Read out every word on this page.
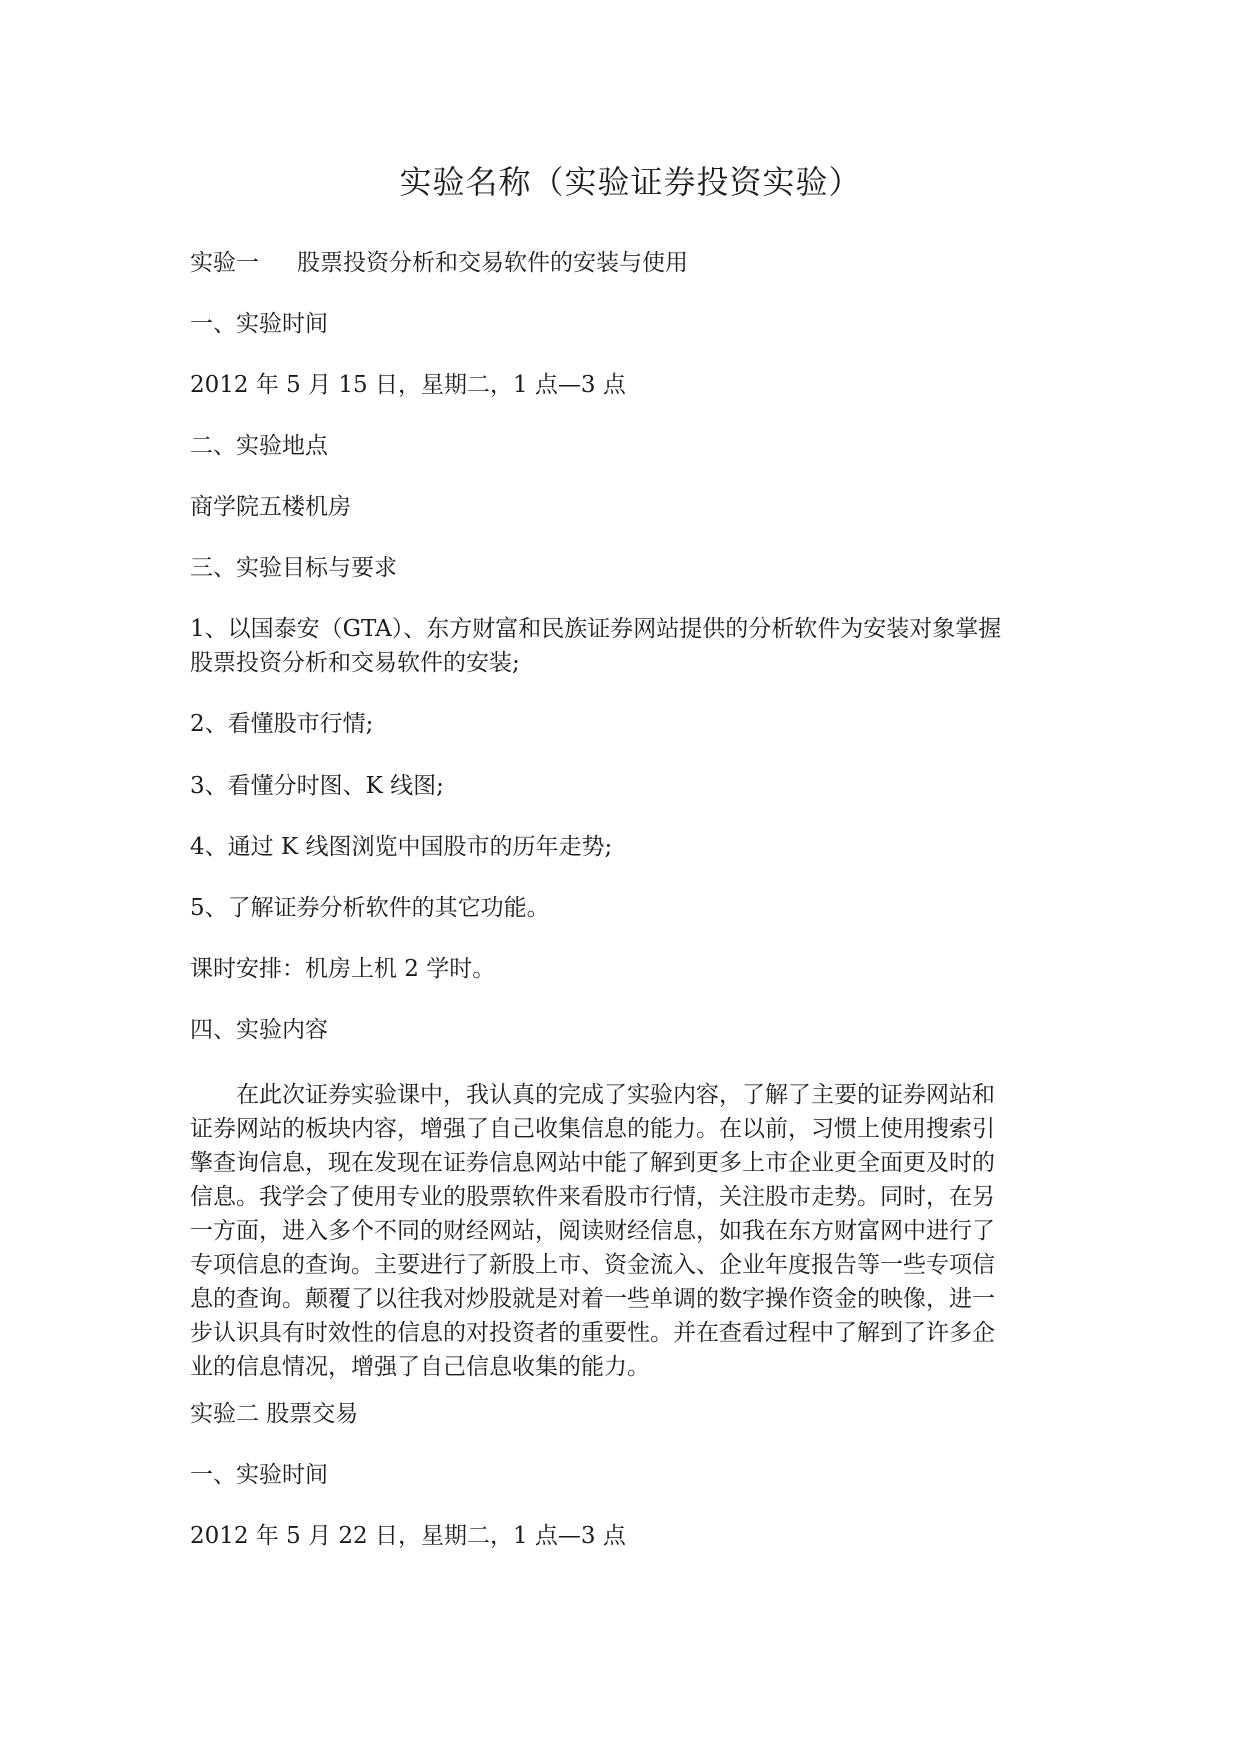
实验名称（实验证券投资实验）
实验一 股票投资分析和交易软件的安装与使用
一、实验时间
2012 年 5 月 15 日，星期二，1 点—3 点
二、实验地点
商学院五楼机房
三、实验目标与要求
1、以国泰安（GTA）、东方财富和民族证券网站提供的分析软件为安装对象掌握
股票投资分析和交易软件的安装;
2、看懂股市行情;
3、看懂分时图、K 线图;
4、通过 K 线图浏览中国股市的历年走势;
5、了解证券分析软件的其它功能。
课时安排：机房上机 2 学时。
四、实验内容
在此次证券实验课中，我认真的完成了实验内容，了解了主要的证券网站和
证券网站的板块内容，增强了自己收集信息的能力。在以前，习惯上使用搜索引
擎查询信息，现在发现在证券信息网站中能了解到更多上市企业更全面更及时的
信息。我学会了使用专业的股票软件来看股市行情，关注股市走势。同时，在另
一方面，进入多个不同的财经网站，阅读财经信息，如我在东方财富网中进行了
专项信息的查询。主要进行了新股上市、资金流入、企业年度报告等一些专项信
息的查询。颠覆了以往我对炒股就是对着一些单调的数字操作资金的映像，进一
步认识具有时效性的信息的对投资者的重要性。并在查看过程中了解到了许多企
业的信息情况，增强了自己信息收集的能力。
实验二 股票交易
一、实验时间
2012 年 5 月 22 日，星期二，1 点—3 点
